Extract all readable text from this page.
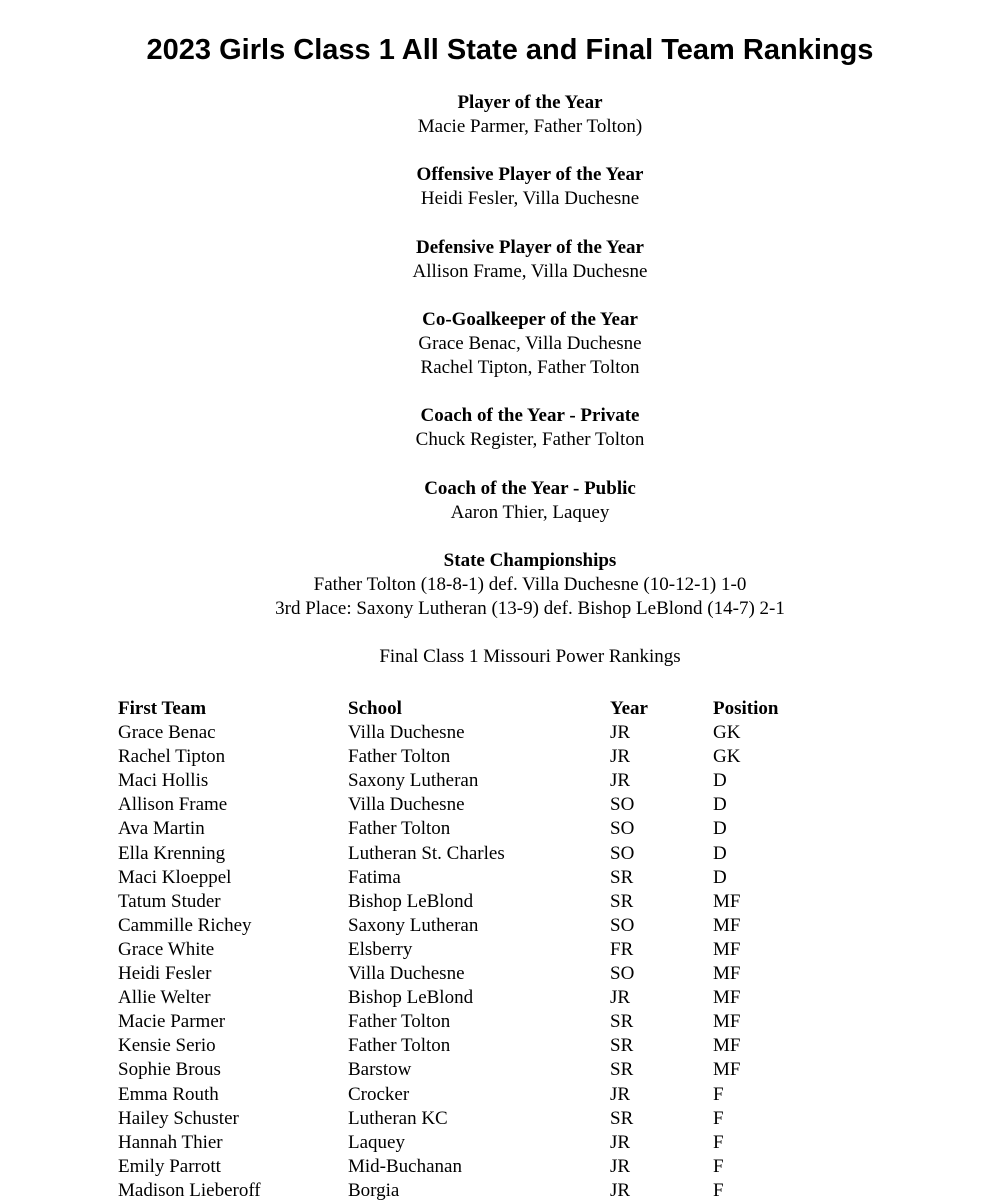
2023 Girls Class 1 All State and Final Team Rankings
Player of the Year
Macie Parmer, Father Tolton)
Offensive Player of the Year
Heidi Fesler, Villa Duchesne
Defensive Player of the Year
Allison Frame, Villa Duchesne
Co-Goalkeeper of the Year
Grace Benac, Villa Duchesne
Rachel Tipton, Father Tolton
Coach of the Year - Private
Chuck Register, Father Tolton
Coach of the Year - Public
Aaron Thier, Laquey
State Championships
Father Tolton (18-8-1) def. Villa Duchesne (10-12-1) 1-0
3rd Place: Saxony Lutheran (13-9) def. Bishop LeBlond (14-7) 2-1
Final Class 1 Missouri Power Rankings
First Team	School	Year	Position
Grace Benac	Villa Duchesne	JR	GK
Rachel Tipton	Father Tolton	JR	GK
Maci Hollis	Saxony Lutheran	JR	D
Allison Frame	Villa Duchesne	SO	D
Ava Martin	Father Tolton	SO	D
Ella Krenning	Lutheran St. Charles	SO	D
Maci Kloeppel	Fatima	SR	D
Tatum Studer	Bishop LeBlond	SR	MF
Cammille Richey	Saxony Lutheran	SO	MF
Grace White	Elsberry	FR	MF
Heidi Fesler	Villa Duchesne	SO	MF
Allie Welter	Bishop LeBlond	JR	MF
Macie Parmer	Father Tolton	SR	MF
Kensie Serio	Father Tolton	SR	MF
Sophie Brous	Barstow	SR	MF
Emma Routh	Crocker	JR	F
Hailey Schuster	Lutheran KC	SR	F
Hannah Thier	Laquey	JR	F
Emily Parrott	Mid-Buchanan	JR	F
Madison Lieberoff	Borgia	JR	F
